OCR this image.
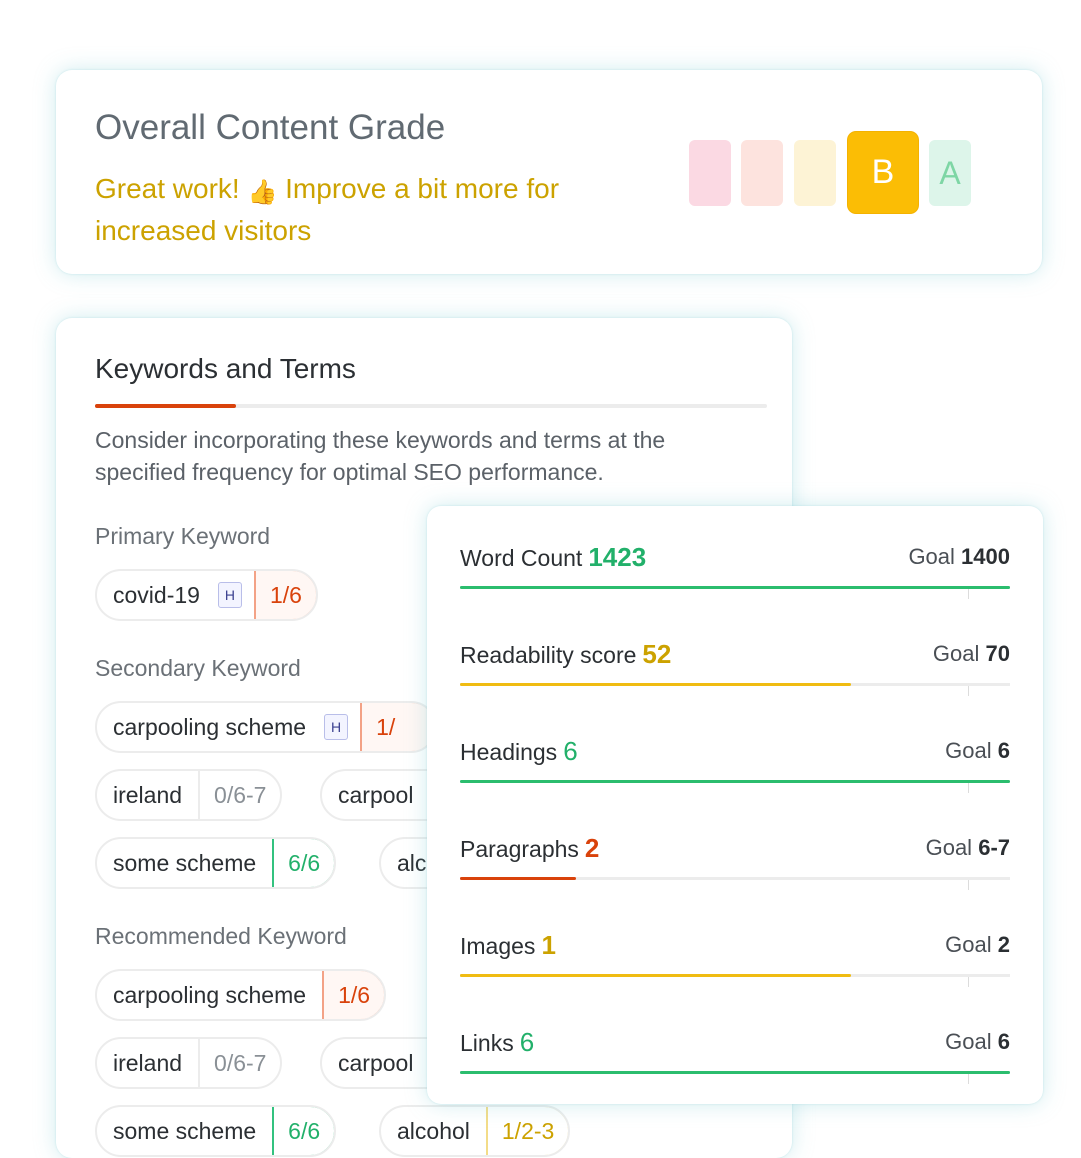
Overall Content Grade
Great work! 👍 Improve a bit more for increased visitors
B	A
Keywords and Terms
Consider incorporating these keywords and terms at the specified frequency for optimal SEO performance.
Primary Keyword
covid-19	H	1/6
Secondary Keyword
carpooling scheme	H	1/
ireland	0/6-7	carpool
some scheme	6/6	alc
Recommended Keyword
carpooling scheme	1/6
ireland	0/6-7	carpool
some scheme	6/6	alcohol	1/2-3
Word Count 1423	Goal 1400
Readability score 52	Goal 70
Headings 6	Goal 6
Paragraphs 2	Goal 6-7
Images 1	Goal 2
Links 6	Goal 6
